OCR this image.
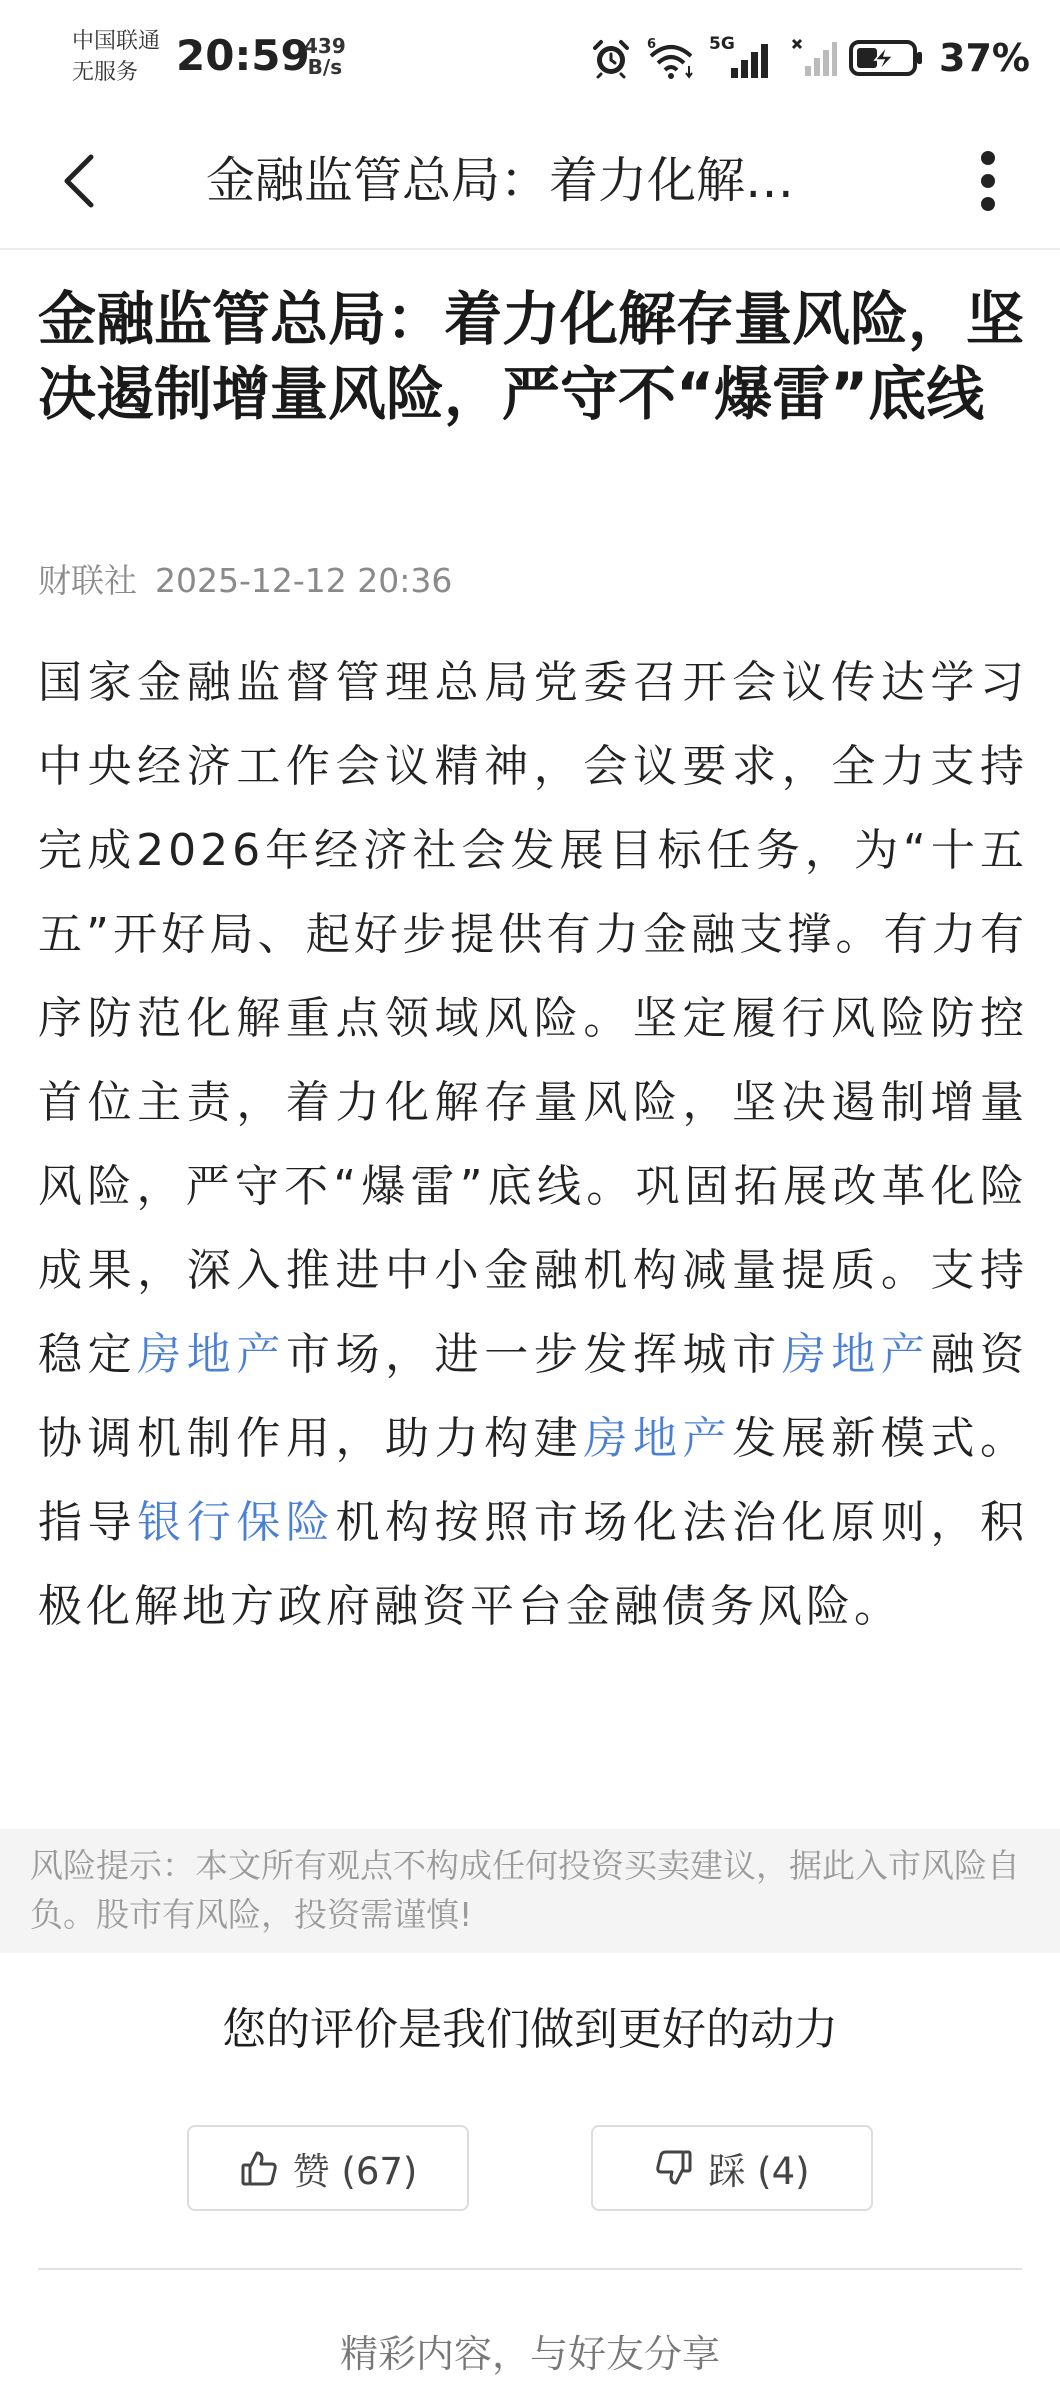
中国联通
无服务 20:59
439
B/s
6	5G	37%
金融监管总局：着力化解…
金融监管总局：着力化解存量风险，坚决遏制增量风险，严守不“爆雷”底线
财联社 2025-12-12 20:36

国家金融监督管理总局党委召开会议传达学习中央经济工作会议精神，会议要求，全力支持完成2026年经济社会发展目标任务，为“十五五”开好局、起好步提供有力金融支撑。有力有序防范化解重点领域风险。坚定履行风险防控首位主责，着力化解存量风险，坚决遏制增量风险，严守不“爆雷”底线。巩固拓展改革化险成果，深入推进中小金融机构减量提质。支持稳定房地产市场，进一步发挥城市房地产融资协调机制作用，助力构建房地产发展新模式。指导银行保险机构按照市场化法治化原则，积极化解地方政府融资平台金融债务风险。

风险提示：本文所有观点不构成任何投资买卖建议，据此入市风险自负。股市有风险，投资需谨慎!

您的评价是我们做到更好的动力
赞 (67)	踩 (4)
精彩内容，与好友分享
